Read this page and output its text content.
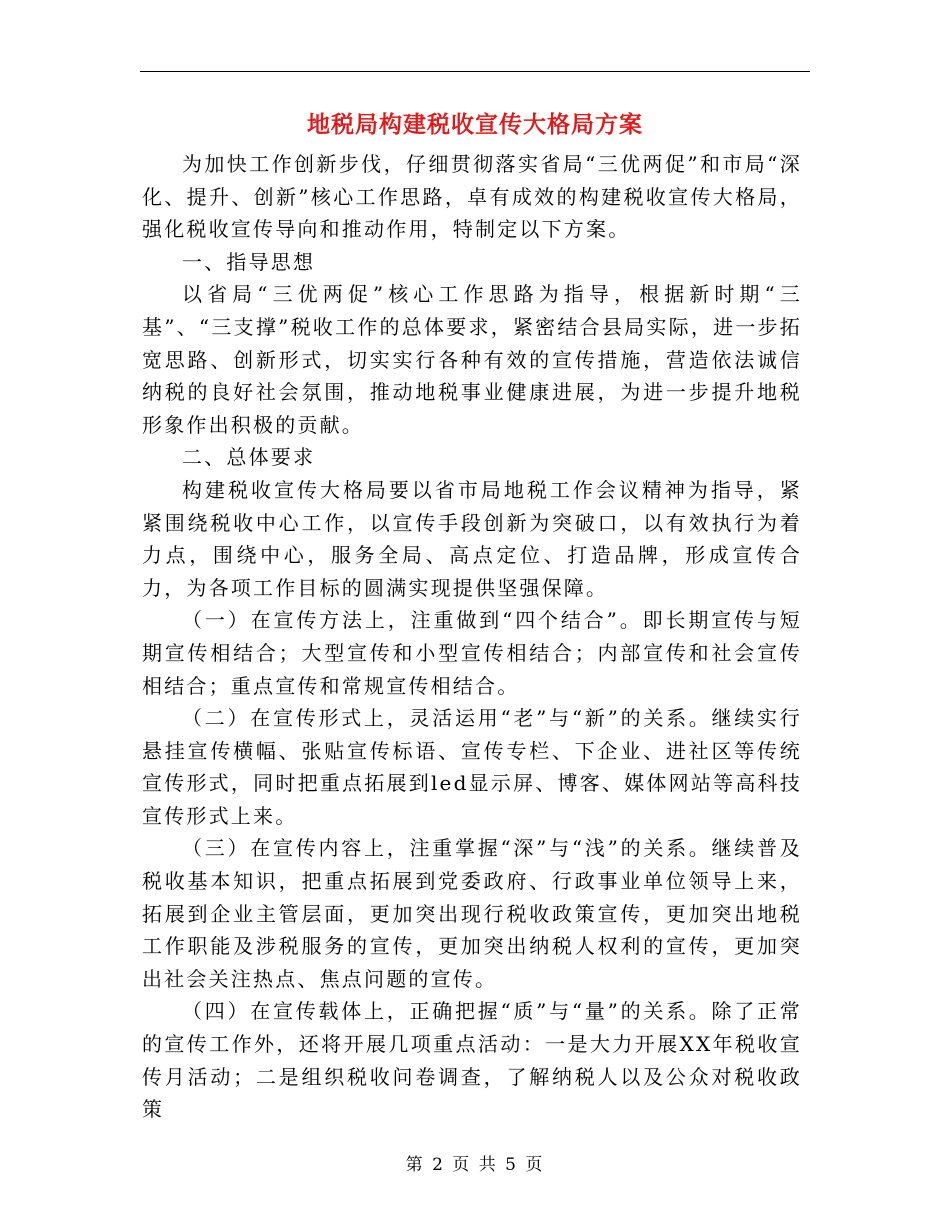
地税局构建税收宣传大格局方案

为加快工作创新步伐，仔细贯彻落实省局“三优两促”和市局“深化、提升、创新”核心工作思路，卓有成效的构建税收宣传大格局，强化税收宣传导向和推动作用，特制定以下方案。

一、指导思想

以省局“三优两促”核心工作思路为指导，根据新时期“三基”、“三支撑”税收工作的总体要求，紧密结合县局实际，进一步拓宽思路、创新形式，切实实行各种有效的宣传措施，营造依法诚信纳税的良好社会氛围，推动地税事业健康进展，为进一步提升地税形象作出积极的贡献。

二、总体要求

构建税收宣传大格局要以省市局地税工作会议精神为指导，紧紧围绕税收中心工作，以宣传手段创新为突破口，以有效执行为着力点，围绕中心，服务全局、高点定位、打造品牌，形成宣传合力，为各项工作目标的圆满实现提供坚强保障。

（一）在宣传方法上，注重做到“四个结合”。即长期宣传与短期宣传相结合；大型宣传和小型宣传相结合；内部宣传和社会宣传相结合；重点宣传和常规宣传相结合。

（二）在宣传形式上，灵活运用“老”与“新”的关系。继续实行悬挂宣传横幅、张贴宣传标语、宣传专栏、下企业、进社区等传统宣传形式，同时把重点拓展到led显示屏、博客、媒体网站等高科技宣传形式上来。

（三）在宣传内容上，注重掌握“深”与“浅”的关系。继续普及税收基本知识，把重点拓展到党委政府、行政事业单位领导上来，拓展到企业主管层面，更加突出现行税收政策宣传，更加突出地税工作职能及涉税服务的宣传，更加突出纳税人权利的宣传，更加突出社会关注热点、焦点问题的宣传。

（四）在宣传载体上，正确把握“质”与“量”的关系。除了正常的宣传工作外，还将开展几项重点活动：一是大力开展XX年税收宣传月活动；二是组织税收问卷调查，了解纳税人以及公众对税收政策

第 2 页 共 5 页
